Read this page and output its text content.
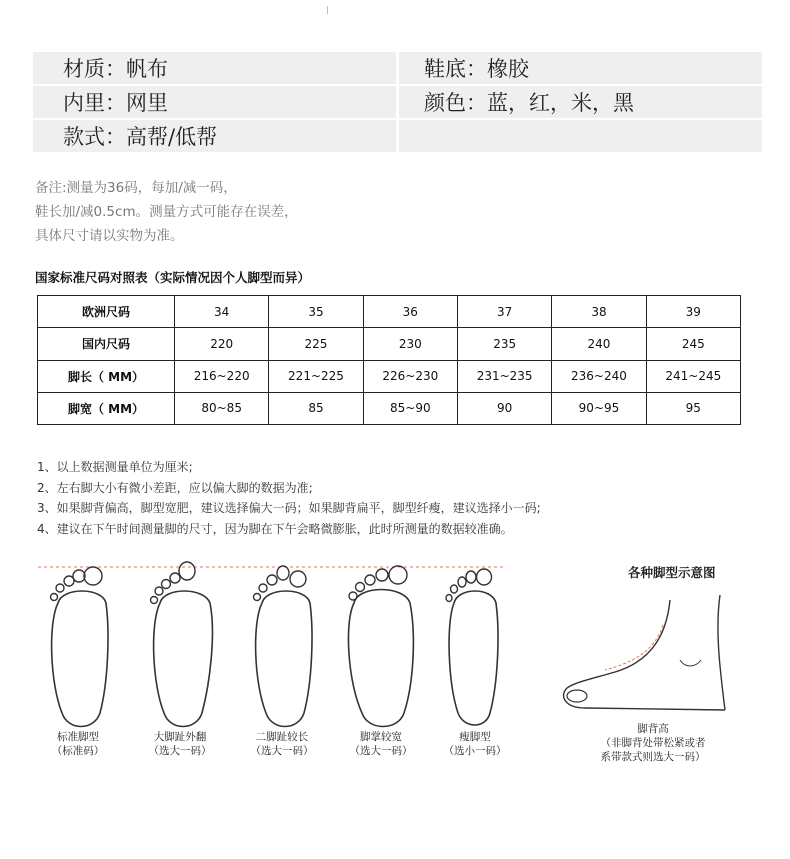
材质：帆布	鞋底：橡胶
内里：网里	颜色：蓝，红，米，黑
款式：高帮/低帮
备注:测量为36码，每加/减一码，
鞋长加/减0.5cm。测量方式可能存在误差，
具体尺寸请以实物为准。
国家标准尺码对照表（实际情况因个人脚型而异）
欧洲尺码	34	35	36	37	38	39
国内尺码	220	225	230	235	240	245
脚长（ MM）	216~220	221~225	226~230	231~235	236~240	241~245
脚宽（ MM）	80~85	85	85~90	90	90~95	95
1、以上数据测量单位为厘米;
2、左右脚大小有微小差距，应以偏大脚的数据为准;
3、如果脚背偏高，脚型宽肥，建议选择偏大一码；如果脚背扁平，脚型纤瘦，建议选择小一码;
4、建议在下午时间测量脚的尺寸，因为脚在下午会略微膨胀，此时所测量的数据较准确。
标准脚型
（标准码）
大脚趾外翻
（选大一码）
二脚趾较长
（选大一码）
脚掌较宽
（选大一码）
瘦脚型
（选小一码）
各种脚型示意图
脚背高
（非脚背处带松紧或者
系带款式则选大一码）
